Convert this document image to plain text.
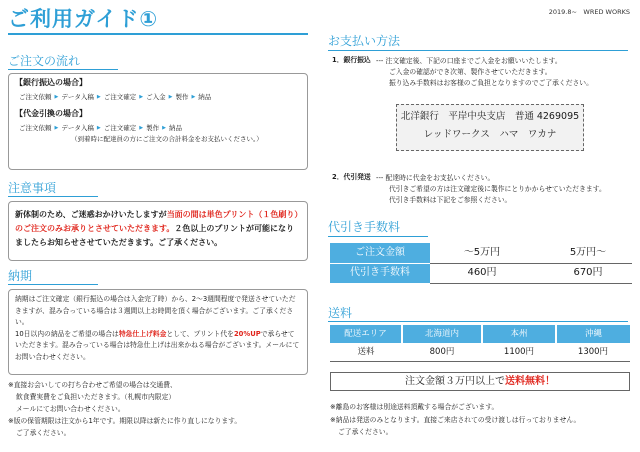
ご利用ガイド①	2019.8~　WRED WORKS
ご注文の流れ
【銀行振込の場合】
ご注文依頼 ▶ データ入稿 ▶ ご注文確定 ▶ ご入金 ▶ 製作 ▶ 納品
【代金引換の場合】
ご注文依頼 ▶ データ入稿 ▶ ご注文確定 ▶ 製作 ▶ 納品
（到着時に配達員の方にご注文の合計料金をお支払いください。）
注意事項
新体制のため、ご迷惑おかけいたしますが当面の間は単色プリント（１色刷り）のご注文のみお承りとさせていただきます。２色以上のプリントが可能になりましたらお知らせさせていただきます。ご了承ください。
納期
納期はご注文確定（銀行振込の場合は入金完了時）から、2～3週間程度で発送させていただきますが、混み合っている場合は３週間以上お時間を頂く場合がございます。ご了承ください。
10日以内の納品をご希望の場合は特急仕上げ料金として、プリント代を20%UPで承らせていただきます。混み合っている場合は特急仕上げは出来かねる場合がございます。メールにてお問い合わせください。
※直接お会いしての打ち合わせご希望の場合は交通費、
飲食費実費をご負担いただきます。（札幌市内限定）
メールにてお問い合わせください。
※版の保管期限は注文から1年です。期限以降は新たに作り直しになります。
ご了承ください。
お支払い方法
1．銀行振込 --- 注文確定後、下記の口座までご入金をお願いいたします。
ご入金の確認ができ次第、製作させていただきます。
振り込み手数料はお客様のご負担となりますのでご了承ください。
北洋銀行　平岸中央支店　普通 4269095
レッドワークス　ハマ　ワカナ
2．代引発送 --- 配達時に代金をお支払いください。
代引きご希望の方は注文確定後に製作にとりかからせていただきます。
代引き手数料は下記をご参照ください。
代引き手数料
ご注文金額		～5万円		5万円～
代引き手数料		460円		670円
送料
配送エリア	北海道内	本州	沖縄
送料	800円	1100円	1300円
注文金額３万円以上で送料無料！
※離島のお客様は別途送料頂戴する場合がございます。
※納品は発送のみとなります。直接ご来店されての受け渡しは行っておりません。
ご了承ください。
